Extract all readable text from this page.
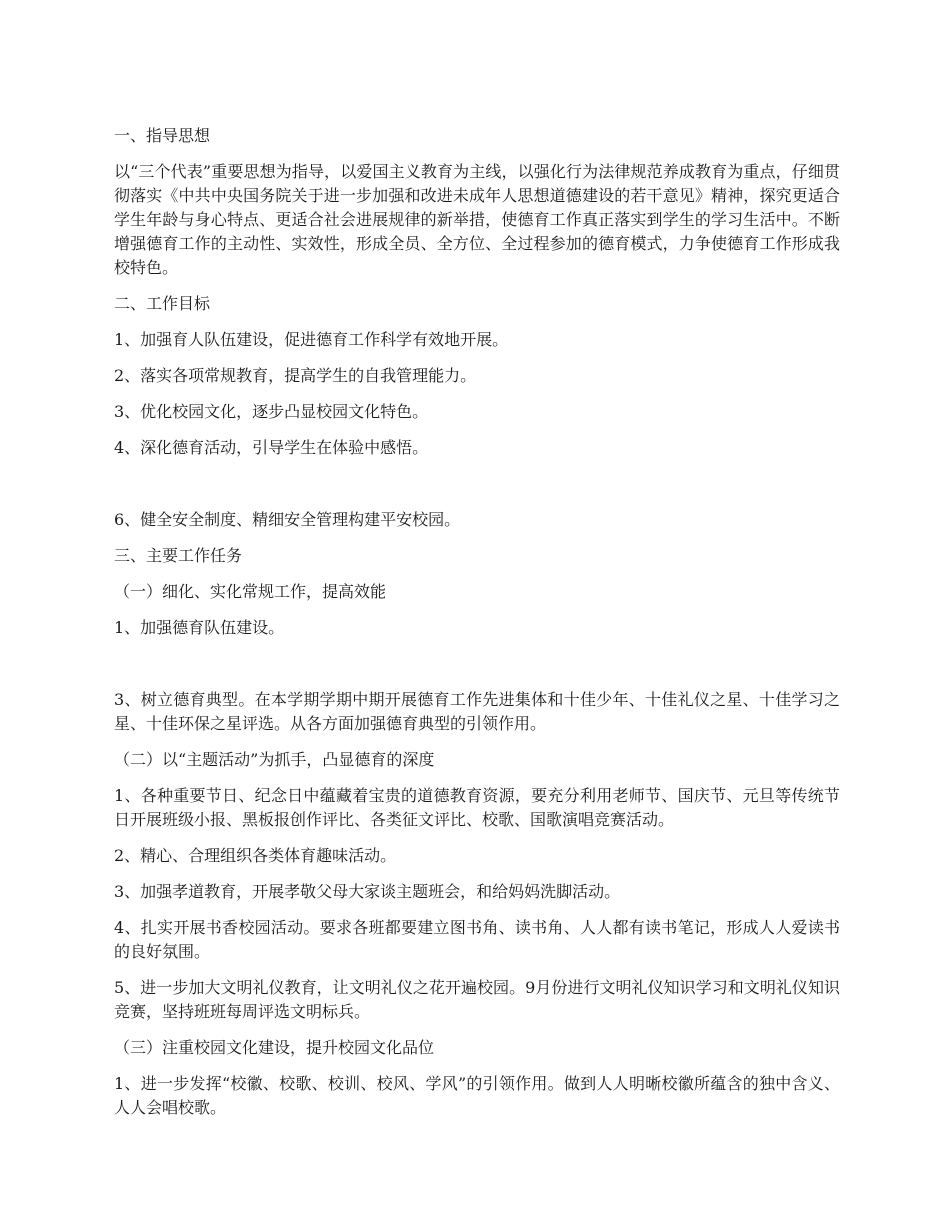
一、指导思想

以“三个代表”重要思想为指导，以爱国主义教育为主线，以强化行为法律规范养成教育为重点，仔细贯彻落实《中共中央国务院关于进一步加强和改进未成年人思想道德建设的若干意见》精神，探究更适合学生年龄与身心特点、更适合社会进展规律的新举措，使德育工作真正落实到学生的学习生活中。不断增强德育工作的主动性、实效性，形成全员、全方位、全过程参加的德育模式，力争使德育工作形成我校特色。

二、工作目标

1、加强育人队伍建设，促进德育工作科学有效地开展。

2、落实各项常规教育，提高学生的自我管理能力。

3、优化校园文化，逐步凸显校园文化特色。

4、深化德育活动，引导学生在体验中感悟。

6、健全安全制度、精细安全管理构建平安校园。

三、主要工作任务

（一）细化、实化常规工作，提高效能

1、加强德育队伍建设。

3、树立德育典型。在本学期学期中期开展德育工作先进集体和十佳少年、十佳礼仪之星、十佳学习之星、十佳环保之星评选。从各方面加强德育典型的引领作用。

（二）以“主题活动”为抓手，凸显德育的深度

1、各种重要节日、纪念日中蕴藏着宝贵的道德教育资源，要充分利用老师节、国庆节、元旦等传统节日开展班级小报、黑板报创作评比、各类征文评比、校歌、国歌演唱竞赛活动。

2、精心、合理组织各类体育趣味活动。

3、加强孝道教育，开展孝敬父母大家谈主题班会，和给妈妈洗脚活动。

4、扎实开展书香校园活动。要求各班都要建立图书角、读书角、人人都有读书笔记，形成人人爱读书的良好氛围。

5、进一步加大文明礼仪教育，让文明礼仪之花开遍校园。9月份进行文明礼仪知识学习和文明礼仪知识竞赛，坚持班班每周评选文明标兵。

（三）注重校园文化建设，提升校园文化品位

1、进一步发挥“校徽、校歌、校训、校风、学风”的引领作用。做到人人明晰校徽所蕴含的独中含义、人人会唱校歌。
